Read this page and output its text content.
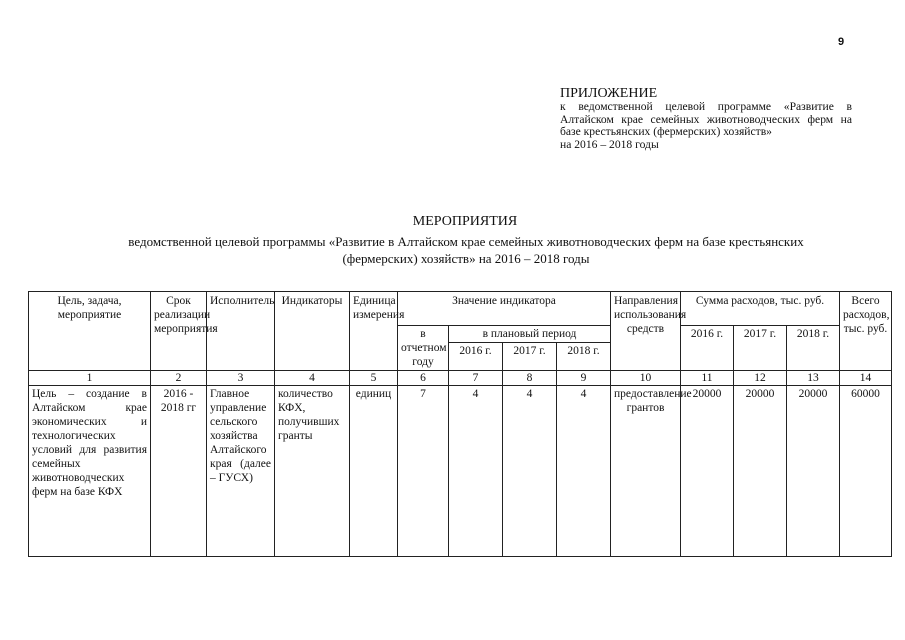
9
ПРИЛОЖЕНИЕ
к ведомственной целевой программе «Развитие в Алтайском крае семейных животноводческих ферм на базе крестьянских (фермерских) хозяйств»
на 2016 – 2018 годы
МЕРОПРИЯТИЯ
ведомственной целевой программы «Развитие в Алтайском крае семейных животноводческих ферм на базе крестьянских (фермерских) хозяйств» на 2016 – 2018 годы
Цель, задача, мероприятие	Срок реализации мероприятия	Исполнитель	Индикаторы	Единица измерения	Значение индикатора				Направления использования средств	Сумма расходов, тыс. руб.			Всего расходов, тыс. руб.
					в отчетном году	в плановый период				2016 г.	2017 г.	2018 г.	
						2016 г.	2017 г.	2018 г.					
1	2	3	4	5	6	7	8	9	10	11	12	13	14
Цель – создание в Алтайском крае экономических и технологических условий для развития семейных животноводческих ферм на базе КФХ	2016 - 2018 гг	Главное управление сельского хозяйства Алтайского края (далее – ГУСХ)	количество КФХ, получивших гранты	единиц	7	4	4	4	предоставление грантов	20000	20000	20000	60000
